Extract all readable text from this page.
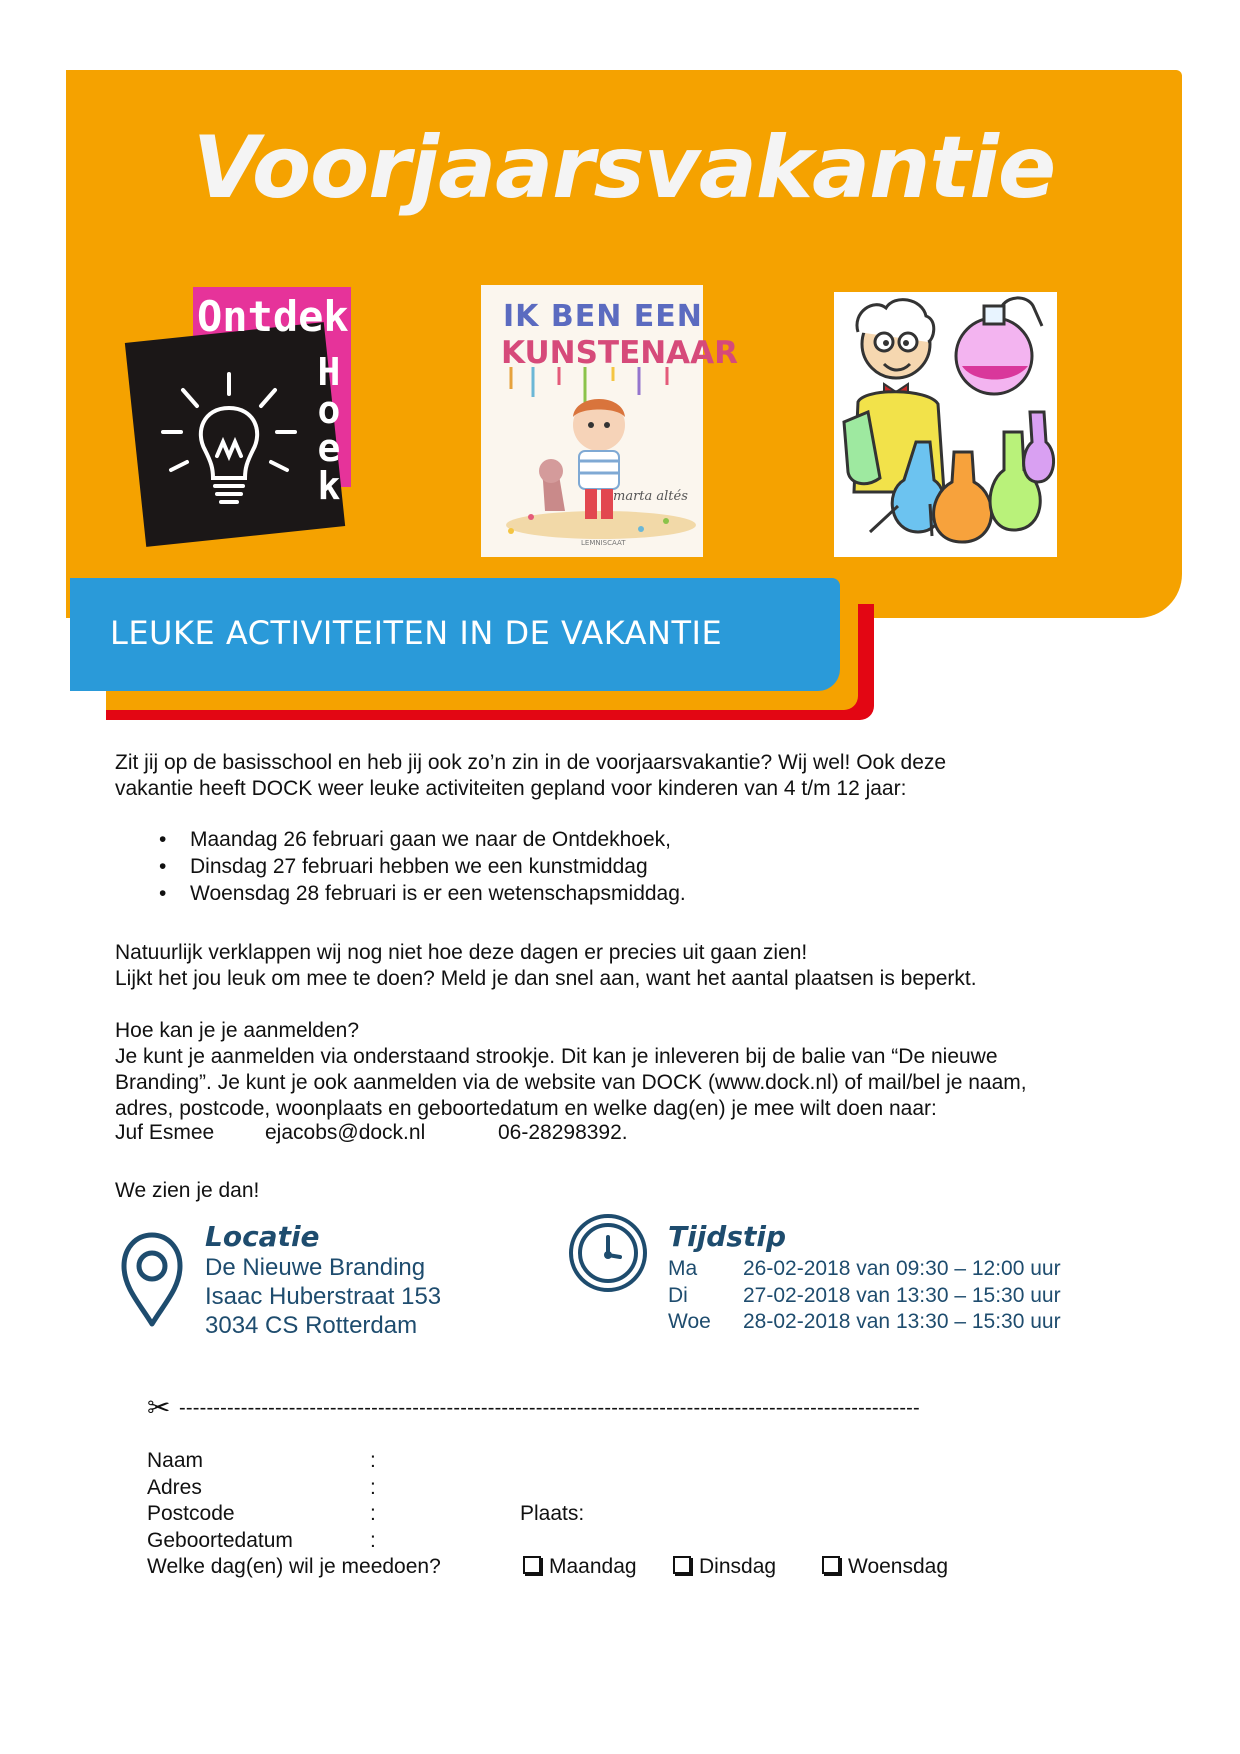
Voorjaarsvakantie
Ontdek
Hoek
IK BEN EEN
KUNSTENAAR
marta altés
LEMNISCAAT
LEUKE ACTIVITEITEN IN DE VAKANTIE

Zit jij op de basisschool en heb jij ook zo’n zin in de voorjaarsvakantie? Wij wel! Ook deze
vakantie heeft DOCK weer leuke activiteiten gepland voor kinderen van 4 t/m 12 jaar:

• Maandag 26 februari gaan we naar de Ontdekhoek,
• Dinsdag 27 februari hebben we een kunstmiddag
• Woensdag 28 februari is er een wetenschapsmiddag.

Natuurlijk verklappen wij nog niet hoe deze dagen er precies uit gaan zien!
Lijkt het jou leuk om mee te doen? Meld je dan snel aan, want het aantal plaatsen is beperkt.

Hoe kan je je aanmelden?
Je kunt je aanmelden via onderstaand strookje. Dit kan je inleveren bij de balie van “De nieuwe
Branding”. Je kunt je ook aanmelden via de website van DOCK (www.dock.nl) of mail/bel je naam,
adres, postcode, woonplaats en geboortedatum en welke dag(en) je mee wilt doen naar:

Juf Esmee ejacobs@dock.nl	06-28298392.

We zien je dan!

Locatie
De Nieuwe Branding
Isaac Huberstraat 153
3034 CS Rotterdam
Tijdstip
Ma 26-02-2018 van 09:30 – 12:00 uur
Di	27-02-2018 van 13:30 – 15:30 uur
Woe 28-02-2018 van 13:30 – 15:30 uur
✂ ------------------------------------------------------------------------------------------------------------
Naam	:
Adres	:
Postcode	:	Plaats:
Geboortedatum	:
Welke dag(en) wil je meedoen?	Maandag	Dinsdag	Woensdag
